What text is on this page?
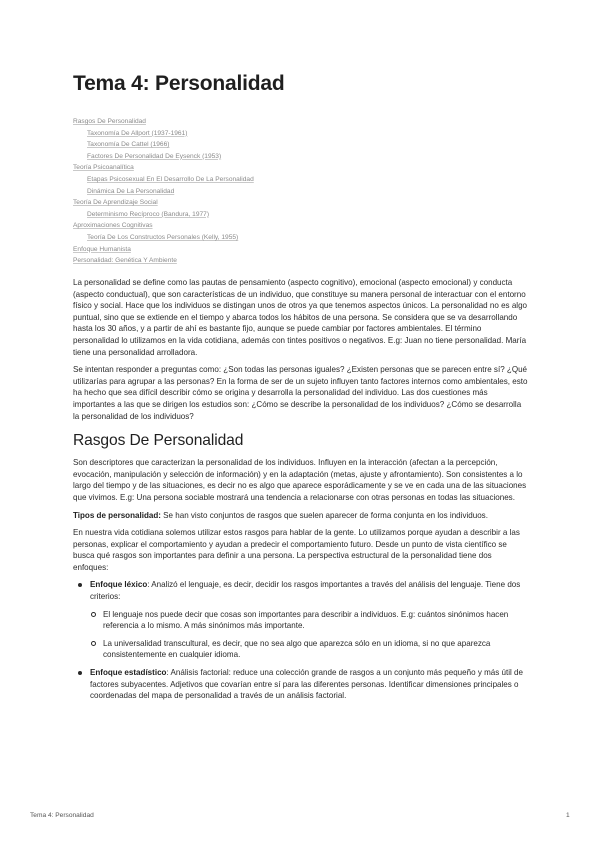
Tema 4: Personalidad
Rasgos De Personalidad
Taxonomía De Allport (1937-1961)
Taxonomía De Cattel (1966)
Factores De Personalidad De Eysenck (1953)
Teoría Psicoanalítica
Etapas Psicosexual En El Desarrollo De La Personalidad
Dinámica De La Personalidad
Teoría De Aprendizaje Social
Determinismo Recíproco (Bandura, 1977)
Aproximaciones Cognitivas
Teoría De Los Constructos Personales (Kelly, 1955)
Enfoque Humanista
Personalidad: Genética Y Ambiente

La personalidad se define como las pautas de pensamiento (aspecto cognitivo), emocional (aspecto emocional) y conducta (aspecto conductual), que son características de un individuo, que constituye su manera personal de interactuar con el entorno físico y social. Hace que los individuos se distingan unos de otros ya que tenemos aspectos únicos. La personalidad no es algo puntual, sino que se extiende en el tiempo y abarca todos los hábitos de una persona. Se considera que se va desarrollando hasta los 30 años, y a partir de ahí es bastante fijo, aunque se puede cambiar por factores ambientales. El término personalidad lo utilizamos en la vida cotidiana, además con tintes positivos o negativos. E.g: Juan no tiene personalidad. María tiene una personalidad arrolladora.

Se intentan responder a preguntas como: ¿Son todas las personas iguales? ¿Existen personas que se parecen entre sí? ¿Qué utilizarías para agrupar a las personas? En la forma de ser de un sujeto influyen tanto factores internos como ambientales, esto ha hecho que sea difícil describir cómo se origina y desarrolla la personalidad del individuo. Las dos cuestiones más importantes a las que se dirigen los estudios son: ¿Cómo se describe la personalidad de los individuos? ¿Cómo se desarrolla la personalidad de los individuos?

Rasgos De Personalidad

Son descriptores que caracterizan la personalidad de los individuos. Influyen en la interacción (afectan a la percepción, evocación, manipulación y selección de información) y en la adaptación (metas, ajuste y afrontamiento). Son consistentes a lo largo del tiempo y de las situaciones, es decir no es algo que aparece esporádicamente y se ve en cada una de las situaciones que vivimos. E.g: Una persona sociable mostrará una tendencia a relacionarse con otras personas en todas las situaciones.

Tipos de personalidad: Se han visto conjuntos de rasgos que suelen aparecer de forma conjunta en los individuos.

En nuestra vida cotidiana solemos utilizar estos rasgos para hablar de la gente. Lo utilizamos porque ayudan a describir a las personas, explicar el comportamiento y ayudan a predecir el comportamiento futuro. Desde un punto de vista científico se busca qué rasgos son importantes para definir a una persona. La perspectiva estructural de la personalidad tiene dos enfoques:

Enfoque léxico: Analizó el lenguaje, es decir, decidir los rasgos importantes a través del análisis del lenguaje. Tiene dos criterios:
El lenguaje nos puede decir que cosas son importantes para describir a individuos. E.g: cuántos sinónimos hacen referencia a lo mismo. A más sinónimos más importante.
La universalidad transcultural, es decir, que no sea algo que aparezca sólo en un idioma, si no que aparezca consistentemente en cualquier idioma.
Enfoque estadístico: Análisis factorial: reduce una colección grande de rasgos a un conjunto más pequeño y más útil de factores subyacentes. Adjetivos que covarían entre sí para las diferentes personas. Identificar dimensiones principales o coordenadas del mapa de personalidad a través de un análisis factorial.
Tema 4: Personalidad	1
